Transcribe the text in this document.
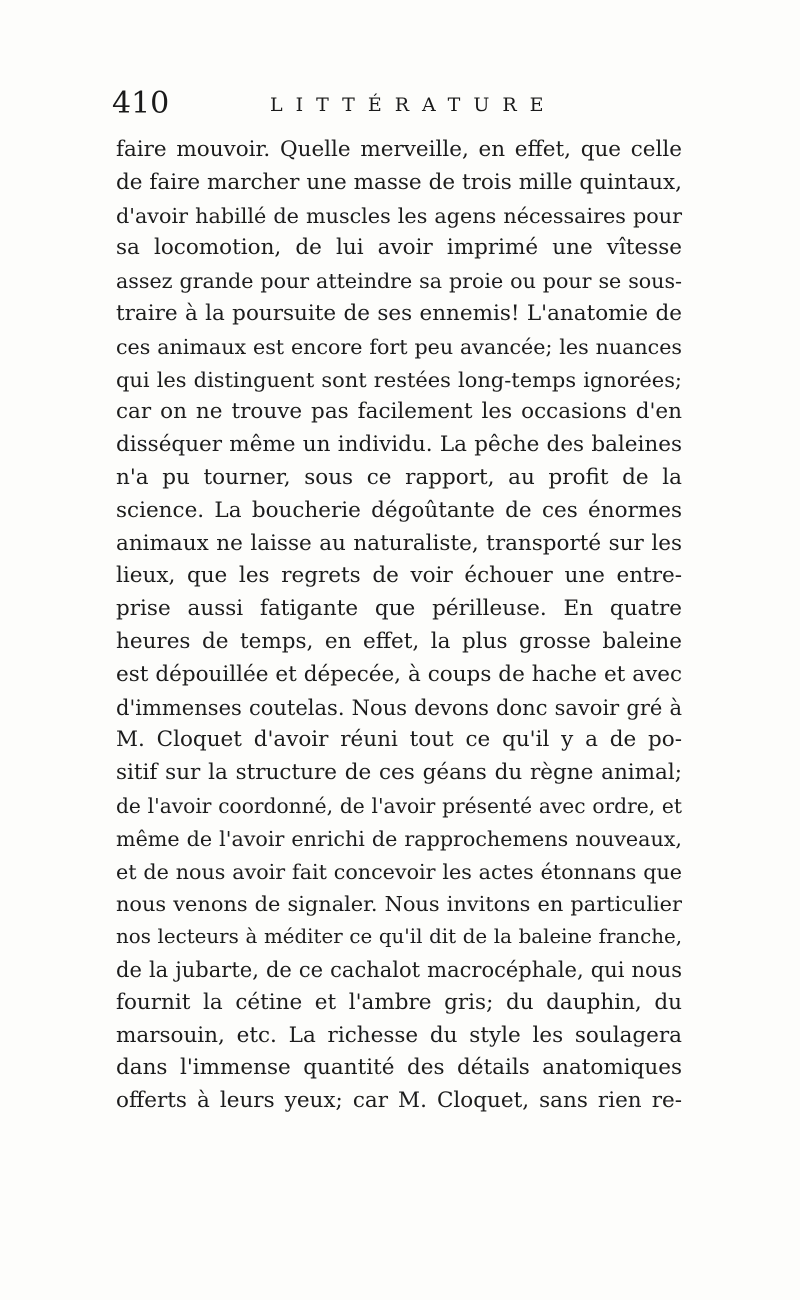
410	LITTÉRATURE
faire mouvoir. Quelle merveille, en effet, que celle
de faire marcher une masse de trois mille quintaux,
d'avoir habillé de muscles les agens nécessaires pour
sa locomotion, de lui avoir imprimé une vîtesse
assez grande pour atteindre sa proie ou pour se sous-
traire à la poursuite de ses ennemis! L'anatomie de
ces animaux est encore fort peu avancée; les nuances
qui les distinguent sont restées long-temps ignorées;
car on ne trouve pas facilement les occasions d'en
disséquer même un individu. La pêche des baleines
n'a pu tourner, sous ce rapport, au profit de la
science. La boucherie dégoûtante de ces énormes
animaux ne laisse au naturaliste, transporté sur les
lieux, que les regrets de voir échouer une entre-
prise aussi fatigante que périlleuse. En quatre
heures de temps, en effet, la plus grosse baleine
est dépouillée et dépecée, à coups de hache et avec
d'immenses coutelas. Nous devons donc savoir gré à
M. Cloquet d'avoir réuni tout ce qu'il y a de po-
sitif sur la structure de ces géans du règne animal;
de l'avoir coordonné, de l'avoir présenté avec ordre, et
même de l'avoir enrichi de rapprochemens nouveaux,
et de nous avoir fait concevoir les actes étonnans que
nous venons de signaler. Nous invitons en particulier
nos lecteurs à méditer ce qu'il dit de la baleine franche,
de la jubarte, de ce cachalot macrocéphale, qui nous
fournit la cétine et l'ambre gris; du dauphin, du
marsouin, etc. La richesse du style les soulagera
dans l'immense quantité des détails anatomiques
offerts à leurs yeux; car M. Cloquet, sans rien re-
